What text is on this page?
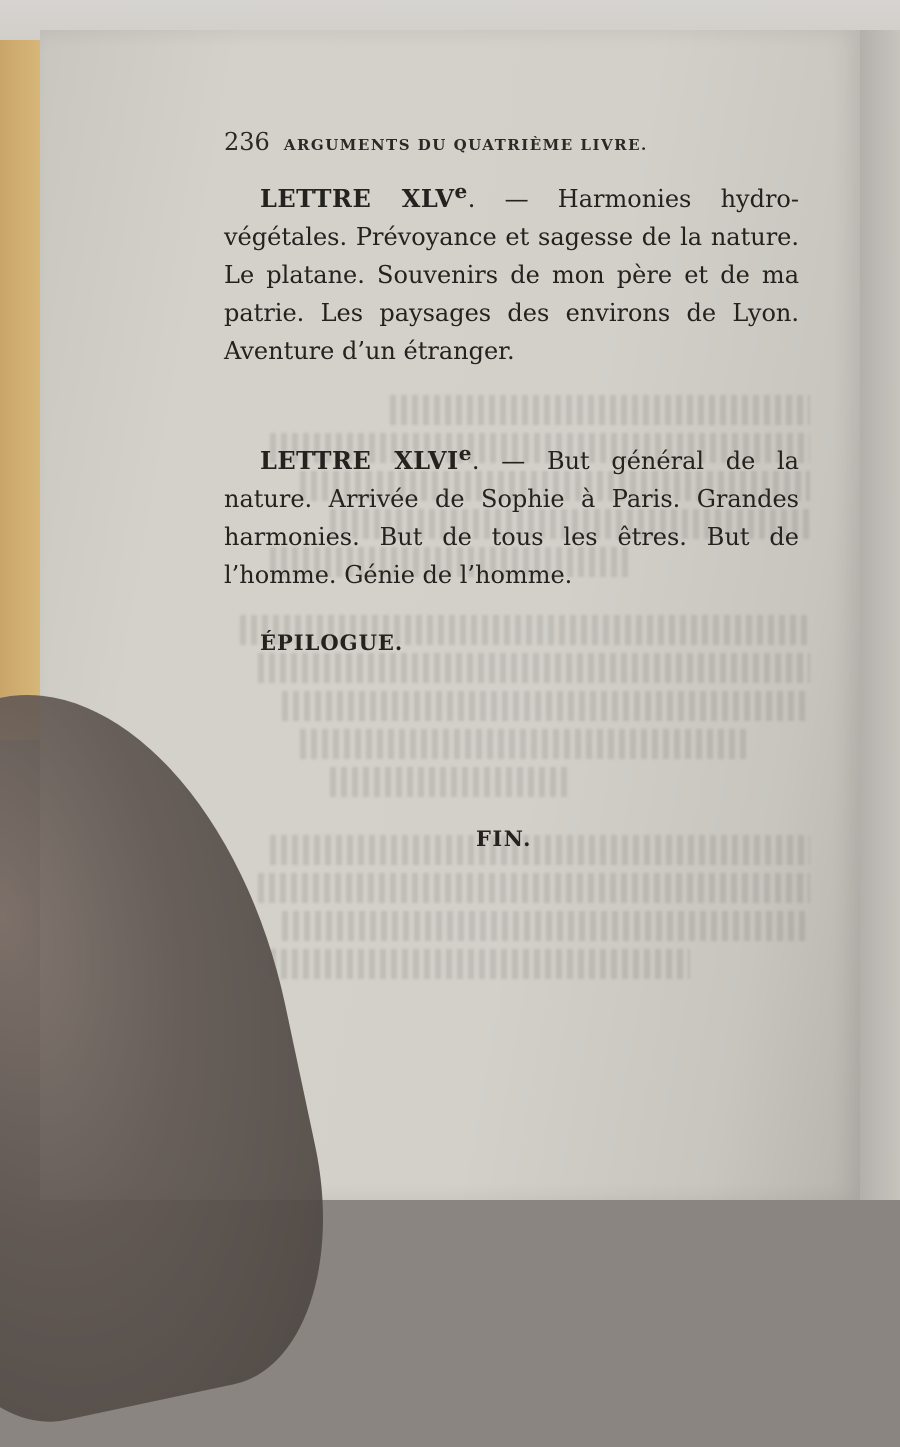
236 ARGUMENTS DU QUATRIÈME LIVRE.
LETTRE XLVe. — Harmonies hydro-végétales. Prévoyance et sagesse de la nature. Le platane. Souvenirs de mon père et de ma patrie. Les paysages des environs de Lyon. Aventure d’un étranger.
LETTRE XLVIe. — But général de la nature. Arrivée de Sophie à Paris. Grandes harmonies. But de tous les êtres. But de l’homme. Génie de l’homme.
ÉPILOGUE.
FIN.
